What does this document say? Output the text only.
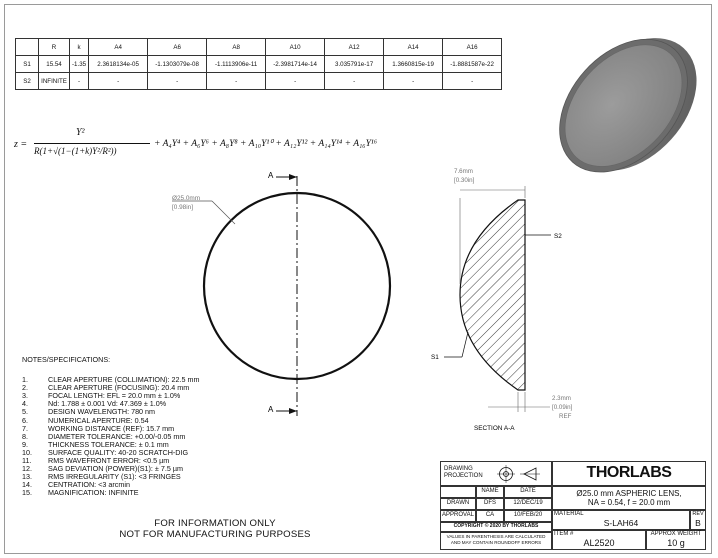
	R	k	A4	A6	A8	A10	A12	A14	A16
S1	15.54	-1.35	2.3618134e-05	-1.1303079e-08	-1.1113906e-11	-2.3981714e-14	3.035791e-17	1.3660815e-19	-1.8881587e-22
S2	INFINITE	-	-	-	-	-	-	-	-
z =
Y²
R(1+√(1−(1+k)Y²/R²))
+ A₄Y⁴ + A₆Y⁶ + A₈Y⁸ + A₁₀Y¹⁰ + A₁₂Y¹² + A₁₄Y¹⁴ + A₁₆Y¹⁶
A
A
Ø25.0mm
[0.98in]
7.6mm
[0.30in]
S2
S1
2.3mm
[0.09in]
REF
SECTION A-A
NOTES/SPECIFICATIONS:
1.	CLEAR APERTURE (COLLIMATION): 22.5 mm
2.	CLEAR APERTURE (FOCUSING): 20.4 mm
3.	FOCAL LENGTH: EFL = 20.0 mm ± 1.0%
4.	Nd: 1.788 ± 0.001 Vd: 47.369 ± 1.0%
5.	DESIGN WAVELENGTH: 780 nm
6.	NUMERICAL APERTURE: 0.54
7.	WORKING DISTANCE (REF): 15.7 mm
8.	DIAMETER TOLERANCE: +0.00/-0.05 mm
9.	THICKNESS TOLERANCE: ± 0.1 mm
10.	SURFACE QUALITY: 40-20 SCRATCH-DIG
11.	RMS WAVEFRONT ERROR: <0.5 µm
12.	SAG DEVIATION (POWER)(S1): ± 7.5 µm
13.	RMS IRREGULARITY (S1): <3 FRINGES
14.	CENTRATION: <3 arcmin
15.	MAGNIFICATION: INFINITE
FOR INFORMATION ONLY
NOT FOR MANUFACTURING PURPOSES
DRAWING PROJECTION	THORLABS
NAME	DATE
DRAWN	DFS	12/DEC/19
APPROVAL	CA	10/FEB/20
COPYRIGHT © 2020 BY THORLABS
VALUES IN PARENTHESIS ARE CALCULATED
AND MAY CONTAIN ROUNDOFF ERRORS
Ø25.0 mm ASPHERIC LENS,
NA = 0.54, f = 20.0 mm
MATERIAL
S-LAH64
REV
B
ITEM #
AL2520
APPROX WEIGHT
10 g
